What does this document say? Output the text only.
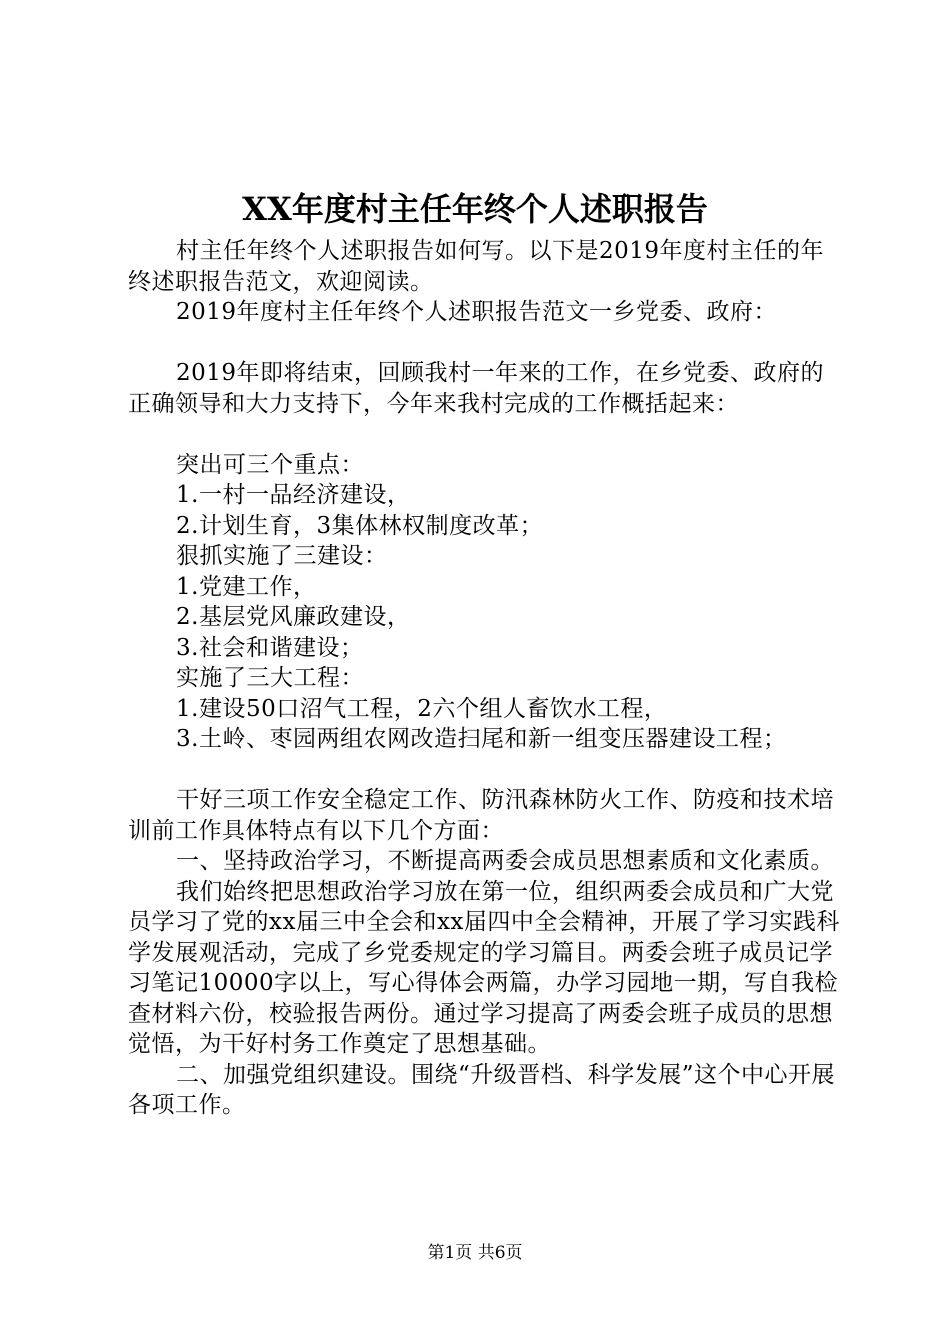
XX年度村主任年终个人述职报告

村主任年终个人述职报告如何写。以下是2019年度村主任的年终述职报告范文，欢迎阅读。

2019年度村主任年终个人述职报告范文一乡党委、政府：

2019年即将结束，回顾我村一年来的工作，在乡党委、政府的正确领导和大力支持下，今年来我村完成的工作概括起来：

突出可三个重点：

1.一村一品经济建设，

2.计划生育，3集体林权制度改革；

狠抓实施了三建设：

1.党建工作，

2.基层党风廉政建设，

3.社会和谐建设；

实施了三大工程：

1.建设50口沼气工程，2六个组人畜饮水工程，

3.土岭、枣园两组农网改造扫尾和新一组变压器建设工程；

干好三项工作安全稳定工作、防汛森林防火工作、防疫和技术培训前工作具体特点有以下几个方面：

一、坚持政治学习，不断提高两委会成员思想素质和文化素质。

我们始终把思想政治学习放在第一位，组织两委会成员和广大党员学习了党的xx届三中全会和xx届四中全会精神，开展了学习实践科学发展观活动，完成了乡党委规定的学习篇目。两委会班子成员记学习笔记10000字以上，写心得体会两篇，办学习园地一期，写自我检查材料六份，校验报告两份。通过学习提高了两委会班子成员的思想觉悟，为干好村务工作奠定了思想基础。

二、加强党组织建设。围绕“升级晋档、科学发展”这个中心开展各项工作。

第1页 共6页
